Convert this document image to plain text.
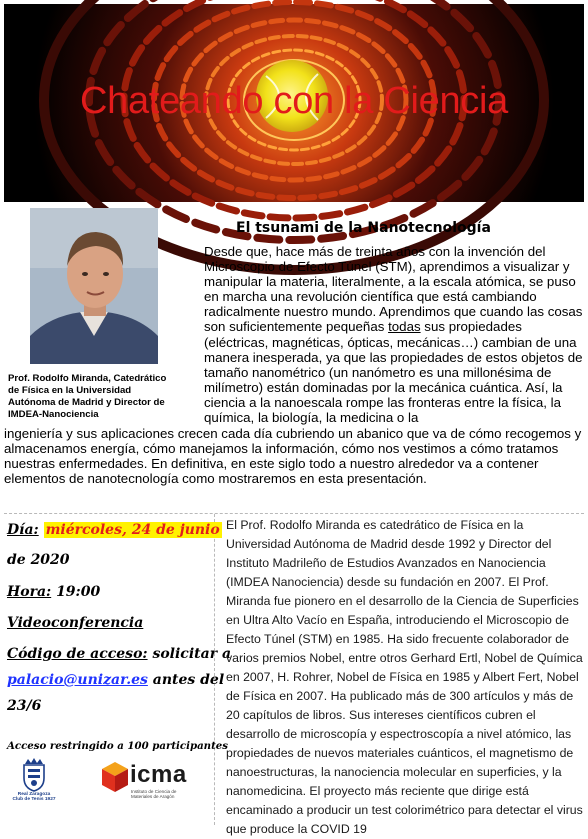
Chateando con la Ciencia
Prof. Rodolfo Miranda, Catedrático de Física en la Universidad Autónoma de Madrid y Director de IMDEA-Nanociencia
El tsunami de la Nanotecnología
Desde que, hace más de treinta años con la invención del Microscopio de Efecto Túnel (STM), aprendimos a visualizar y manipular la materia, literalmente, a la escala atómica, se puso en marcha una revolución científica que está cambiando radicalmente nuestro mundo. Aprendimos que cuando las cosas son suficientemente pequeñas todas sus propiedades (eléctricas, magnéticas, ópticas, mecánicas…) cambian de una manera inesperada, ya que las propiedades de estos objetos de tamaño nanométrico (un nanómetro es una millonésima de milímetro) están dominadas por la mecánica cuántica. Así, la ciencia a la nanoescala rompe las fronteras entre la física, la química, la biología, la medicina o la
ingeniería y sus aplicaciones crecen cada día cubriendo un abanico que va de cómo recogemos y almacenamos energía, cómo manejamos la información, cómo nos vestimos a cómo tratamos nuestras enfermedades. En definitiva, en este siglo todo a nuestro alrededor va a contener elementos de nanotecnología como mostraremos en esta presentación.
Día: miércoles, 24 de junio
de 2020
Hora: 19:00
Videoconferencia
Código de acceso: solicitar a
palacio@unizar.es antes del
23/6
Acceso restringido a 100 participantes
Real Zaragoza
Club de Tenis 1927
icma
Instituto de Ciencia de Materiales de Aragón
El Prof. Rodolfo Miranda es catedrático de Física en la Universidad Autónoma de Madrid desde 1992 y Director del Instituto Madrileño de Estudios Avanzados en Nanociencia (IMDEA Nanociencia) desde su fundación en 2007. El Prof. Miranda fue pionero en el desarrollo de la Ciencia de Superficies en Ultra Alto Vacío en España, introduciendo el Microscopio de Efecto Túnel (STM) en 1985. Ha sido frecuente colaborador de varios premios Nobel, entre otros Gerhard Ertl, Nobel de Química en 2007, H. Rohrer, Nobel de Física en 1985 y Albert Fert, Nobel de Física en 2007. Ha publicado más de 300 artículos y más de 20 capítulos de libros. Sus intereses científicos cubren el desarrollo de microscopía y espectroscopía a nivel atómico, las propiedades de nuevos materiales cuánticos, el magnetismo de nanoestructuras, la nanociencia molecular en superficies, y la nanomedicina. El proyecto más reciente que dirige está encaminado a producir un test colorimétrico para detectar el virus que produce la COVID 19
